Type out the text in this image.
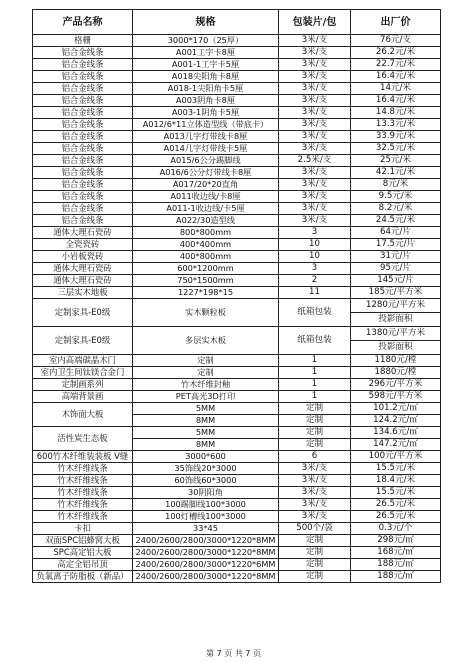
产品名称	规格	包装片/包	出厂价
格栅	3000*170（25厚）	3米/支	76元/支
铝合金线条	A001工字卡8厘	3米/支	26.2元/米
铝合金线条	A001-1工字卡5厘	3米/支	22.7元/米
铝合金线条	A018尖阳角卡8厘	3米/支	16.4元/米
铝合金线条	A018-1尖阳角卡5厘	3米/支	14元/米
铝合金线条	A003阴角卡8厘	3米/支	16.4元/米
铝合金线条	A003-1阴角卡5厘	3米/支	14.8元/米
铝合金线条	A012/6*11立体造型线（带底卡）	3米/支	13.3元/米
铝合金线条	A013几字灯带线卡8厘	3米/支	33.9元/米
铝合金线条	A014几字灯带线卡5厘	3米/支	32.5元/米
铝合金线条	A015/6公分踢脚线	2.5米/支	25元/米
铝合金线条	A016/6公分灯带线卡8厘	3米/支	42.1元/米
铝合金线条	A017/20*20直角	3米/支	8元/米
铝合金线条	A011收边线/卡8厘	3米/支	9.5元/米
铝合金线条	A011-1收边线/卡5厘	3米/支	8.2元/米
铝合金线条	A022/30造型线	3米/支	24.5元/米
通体大理石瓷砖	800*800mm	3	64元/片
全瓷瓷砖	400*400mm	10	17.5元/片
小岩板瓷砖	400*800mm	10	31元/片
通体大理石瓷砖	600*1200mm	3	95元/片
通体大理石瓷砖	750*1500mm	2	145元/片
三层实木地板	1227*198*15	11	185元/平方米
定制家具-E0级	实木颗粒板	纸箱包装	1280元/平方米
			投影面积
定制家具-E0级	多层实木板	纸箱包装	1380元/平方米
			投影面积
室内高端碳晶木门	定制	1	1180元/樘
室内卫生间钛镁合金门	定制	1	1880元/樘
定制画系列	竹木纤维封釉	1	296元/平方米
高端背景画	PET高光3D打印	1	598元/平方米
木饰面大板	5MM	定制	101.2元/㎡
	8MM	定制	124.2元/㎡
活性炭生态板	5MM	定制	134.6元/㎡
	8MM	定制	147.2元/㎡
600竹木纤维装装板 V缝	3000*600	6	100元/平方米
竹木纤维线条	35饰线20*3000	3米/支	15.5元/米
竹木纤维线条	60饰线60*3000	3米/支	18.4元/米
竹木纤维线条	30阴阳角	3米/支	15.5元/米
竹木纤维线条	100踢脚线100*3000	3米/支	26.5元/米
竹木纤维线条	100灯槽线100*3000	3米/支	26.5元/米
卡扣	33*45	500个/袋	0.3元/个
双面SPC铝蜂窝大板	2400/2600/2800/3000*1220*8MM	定制	298元/㎡
SPC高定铝大板	2400/2600/2800/3000*1220*8MM	定制	168元/㎡
高定全铝吊顶	2400/2600/2800/3000*1220*6MM	定制	188元/㎡
负氧离子防脂板（新品）	2400/2600/2800/3000*1220*8MM	定制	188元/㎡
第 7 页 共 7 页
